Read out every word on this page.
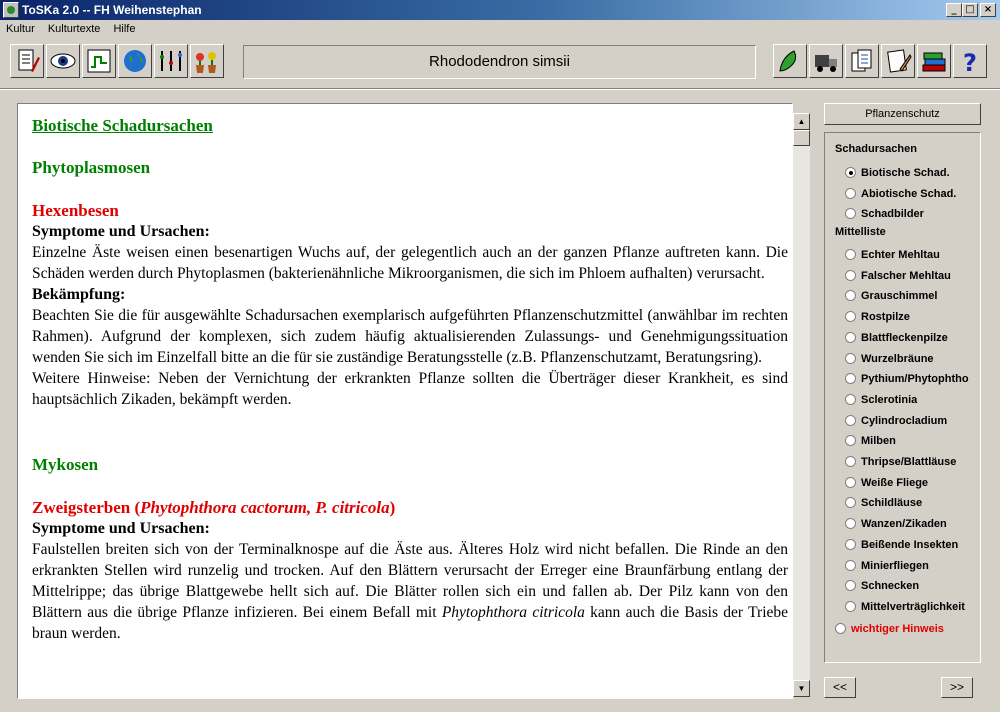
ToSKa 2.0 -- FH Weihenstephan	_ □ ×
Kultur Kulturtexte Hilfe
Rhododendron simsii	?
Biotische Schadursachen
Phytoplasmosen
Hexenbesen
Symptome und Ursachen:

Einzelne Äste weisen einen besenartigen Wuchs auf, der gelegentlich auch an der ganzen Pflanze auftreten kann. Die Schäden werden durch Phytoplasmen (bakterienähnliche Mikroorganismen, die sich im Phloem aufhalten) verursacht.

Bekämpfung:

Beachten Sie die für ausgewählte Schadursachen exemplarisch aufgeführten Pflanzenschutzmittel (anwählbar im rechten Rahmen). Aufgrund der komplexen, sich zudem häufig aktualisierenden Zulassungs- und Genehmigungssituation wenden Sie sich im Einzelfall bitte an die für sie zuständige Beratungsstelle (z.B. Pflanzenschutzamt, Beratungsring).

Weitere Hinweise: Neben der Vernichtung der erkrankten Pflanze sollten die Überträger dieser Krankheit, es sind hauptsächlich Zikaden, bekämpft werden.

Mykosen
Zweigsterben (Phytophthora cactorum, P. citricola)
Symptome und Ursachen:

Faulstellen breiten sich von der Terminalknospe auf die Äste aus. Älteres Holz wird nicht befallen. Die Rinde an den erkrankten Stellen wird runzelig und trocken. Auf den Blättern verursacht der Erreger eine Braunfärbung entlang der Mittelrippe; das übrige Blattgewebe hellt sich auf. Die Blätter rollen sich ein und fallen ab. Der Pilz kann von den Blättern aus die übrige Pflanze infizieren. Bei einem Befall mit Phytophthora citricola kann auch die Basis der Triebe braun werden.

▲
▼
Pflanzenschutz
Schadursachen
Biotische Schad.
Abiotische Schad.
Schadbilder
Mittelliste
Echter Mehltau
Falscher Mehltau
Grauschimmel
Rostpilze
Blattfleckenpilze
Wurzelbräune
Pythium/Phytophtho
Sclerotinia
Cylindrocladium
Milben
Thripse/Blattläuse
Weiße Fliege
Schildläuse
Wanzen/Zikaden
Beißende Insekten
Minierfliegen
Schnecken
Mittelverträglichkeit
wichtiger Hinweis
<<	>>
